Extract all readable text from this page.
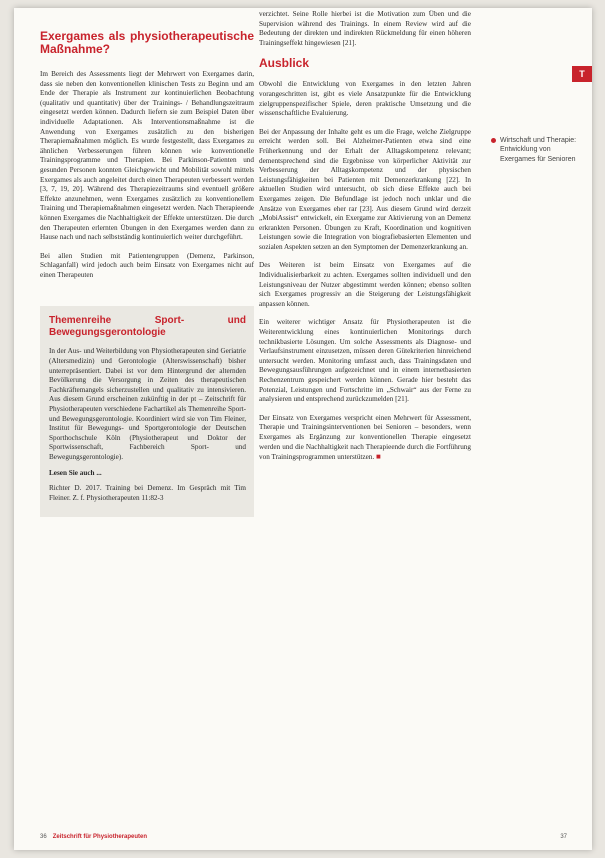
Exergames als physiotherapeutische Maßnahme?

Im Bereich des Assessments liegt der Mehrwert von Exergames darin, dass sie neben den konventionellen klinischen Tests zu Beginn und am Ende der Therapie als Instrument zur kontinuierlichen Beobachtung (qualitativ und quantitativ) über der Trainings- / Behandlungszeitraum eingesetzt werden können. Dadurch liefern sie zum Beispiel Daten über individuelle Adaptationen. Als Interventionsmaßnahme ist die Anwendung von Exergames zusätzlich zu den bisherigen Therapiemaßnahmen möglich. Es wurde festgestellt, dass Exergames zu ähnlichen Verbesserungen führen können wie konventionelle Trainingsprogramme und Therapien. Bei Parkinson-Patienten und gesunden Personen konnten Gleichgewicht und Mobilität sowohl mittels Exergames als auch angeleitet durch einen Therapeuten verbessert werden [3, 7, 19, 20]. Während des Therapiezeitraums sind eventuell größere Effekte anzunehmen, wenn Exergames zusätzlich zu konventionellem Training und Therapiemaßnahmen eingesetzt werden. Nach Therapieende können Exergames die Nachhaltigkeit der Effekte unterstützen. Die durch den Therapeuten erlernten Übungen in den Exergames werden dann zu Hause nach und nach selbstständig kontinuierlich weiter durchgeführt.

Bei allen Studien mit Patientengruppen (Demenz, Parkinson, Schlaganfall) wird jedoch auch beim Einsatz von Exergames nicht auf einen Therapeuten

Themenreihe Sport- und Bewegungsgerontologie

In der Aus- und Weiterbildung von Physiotherapeuten sind Geriatrie (Altersmedizin) und Gerontologie (Alterswissenschaft) bisher unterrepräsentiert. Dabei ist vor dem Hintergrund der alternden Bevölkerung die Versorgung in Zeiten des therapeutischen Fachkräftemangels sicherzustellen und qualitativ zu intensivieren. Aus diesem Grund erscheinen zukünftig in der pt – Zeitschrift für Physiotherapeuten verschiedene Fachartikel als Themenreihe Sport- und Bewegungsgerontologie. Koordiniert wird sie von Tim Fleiner, Institut für Bewegungs- und Sportgerontologie der Deutschen Sporthochschule Köln (Physiotherapeut und Doktor der Sportwissenschaft, Fachbereich Sport- und Bewegungsgerontologie).

Lesen Sie auch ...

Richter D. 2017. Training bei Demenz. Im Gespräch mit Tim Fleiner. Z. f. Physiotherapeuten 11:82-3

verzichtet. Seine Rolle hierbei ist die Motivation zum Üben und die Supervision während des Trainings. In einem Review wird auf die Bedeutung der direkten und indirekten Rückmeldung für einen höheren Trainingseffekt hingewiesen [21].

Ausblick

Obwohl die Entwicklung von Exergames in den letzten Jahren vorangeschritten ist, gibt es viele Ansatzpunkte für die Entwicklung zielgruppenspezifischer Spiele, deren praktische Umsetzung und die wissenschaftliche Evaluierung.

Bei der Anpassung der Inhalte geht es um die Frage, welche Zielgruppe erreicht werden soll. Bei Alzheimer-Patienten etwa sind eine Früherkennung und der Erhalt der Alltagskompetenz relevant; dementsprechend sind die Ergebnisse von körperlicher Aktivität zur Verbesserung der Alltagskompetenz und der physischen Leistungsfähigkeiten bei Patienten mit Demenzerkrankung [22]. In aktuellen Studien wird untersucht, ob sich diese Effekte auch bei Exergames zeigen. Die Befundlage ist jedoch noch unklar und die Ansätze von Exergames eher rar [23]. Aus diesem Grund wird derzeit „MobiAssist“ entwickelt, ein Exergame zur Aktivierung von an Demenz erkrankten Personen. Übungen zu Kraft, Koordination und kognitiven Leistungen sowie die Integration von biografiebasierten Elementen und sozialen Aspekten setzen an den Symptomen der Demenzerkrankung an.

Des Weiteren ist beim Einsatz von Exergames auf die Individualisierbarkeit zu achten. Exergames sollten individuell und den Leistungsniveau der Nutzer abgestimmt werden können; ebenso sollten sich Exergames progressiv an die Steigerung der Leistungsfähigkeit anpassen können.

Ein weiterer wichtiger Ansatz für Physiotherapeuten ist die Weiterentwicklung eines kontinuierlichen Monitorings durch technikbasierte Lösungen. Um solche Assessments als Diagnose- und Verlaufsinstrument einzusetzen, müssen deren Gütekriterien hinreichend untersucht werden. Monitoring umfasst auch, dass Trainingsdaten und Bewegungsausführungen aufgezeichnet und in einem internetbasierten Rechenzentrum gespeichert werden können. Gerade hier besteht das Potenzial, Leistungen und Fortschritte im „Schwair“ aus der Ferne zu analysieren und entsprechend zurückzumelden [21].

Der Einsatz von Exergames verspricht einen Mehrwert für Assessment, Therapie und Trainingsinterventionen bei Senioren – besonders, wenn Exergames als Ergänzung zur konventionellen Therapie eingesetzt werden und die Nachhaltigkeit nach Therapieende durch die Fortführung von Trainingsprogrammen unterstützen. ■

Wirtschaft und Therapie: Entwicklung von Exergames für Senioren
T
36 Zeitschrift für Physiotherapeuten	37
